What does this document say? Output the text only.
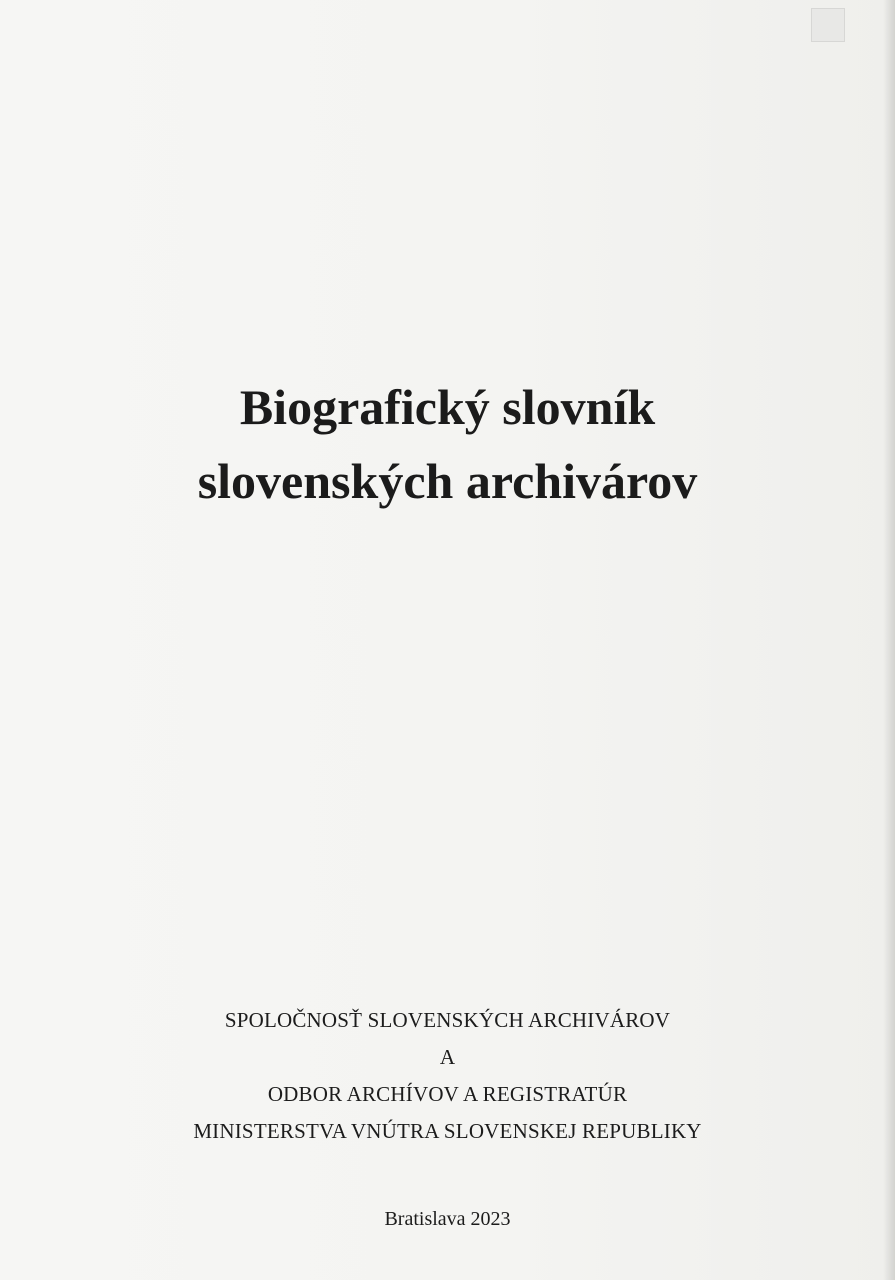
Biografický slovník
slovenských archivárov
SPOLOČNOSŤ SLOVENSKÝCH ARCHIVÁROV
A
ODBOR ARCHÍVOV A REGISTRATÚR
MINISTERSTVA VNÚTRA SLOVENSKEJ REPUBLIKY
Bratislava 2023
